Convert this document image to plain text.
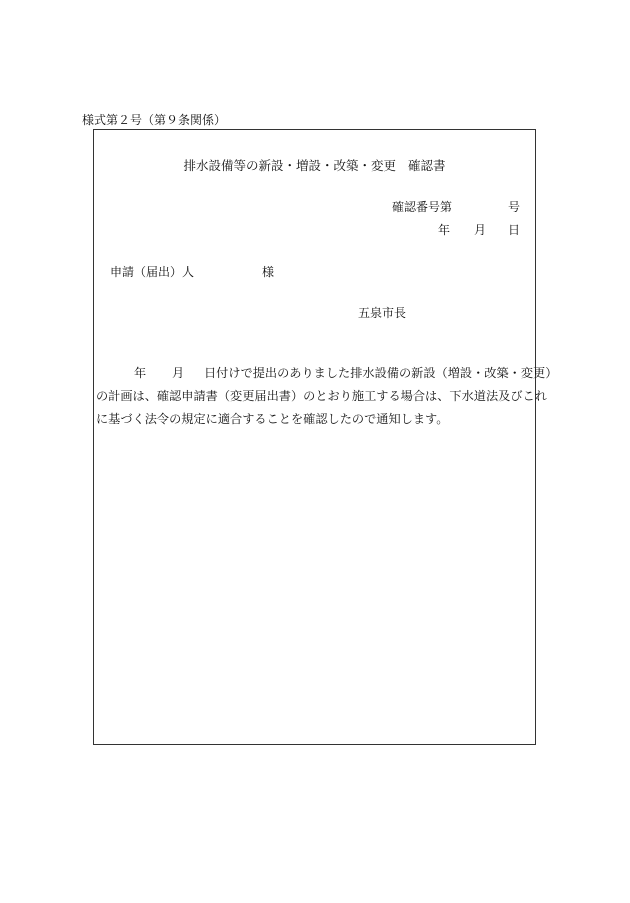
様式第２号（第９条関係）
排水設備等の新設・増設・改築・変更 確認書
確認番号第	号
年 月 日
申請（届出）人	様
五泉市長
年 月 日付けで提出のありました排水設備の新設（増設・改築・変更）
の計画は、確認申請書（変更届出書）のとおり施工する場合は、下水道法及びこれ
に基づく法令の規定に適合することを確認したので通知します。
